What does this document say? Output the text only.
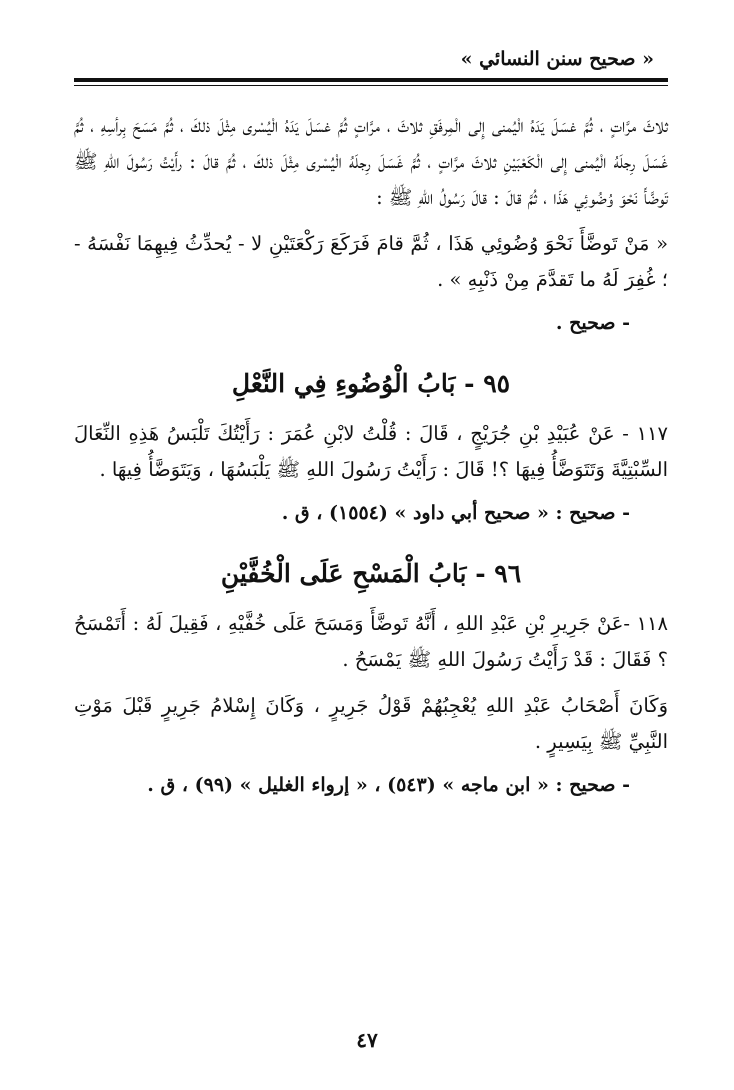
« صحيح سنن النسائي »

ثلاثَ مرَّاتٍ ، ثُمَّ غسَلَ يَدَهُ الْيُمنى إِلى الْمِرفَقِ ثلاثَ ، مرَّاتٍ ثُمَّ غسَلَ يَدَهُ الْيُسْرى مِثْلَ ذلكَ ، ثُمَّ مَسَحَ بِرأسِهِ ، ثُمَّ غَسَلَ رِجلَهُ الْيُمنى إِلى الْكَعْبَيْنِ ثلاثَ مرَّاتٍ ، ثُمَّ غَسَلَ رِجلَهُ الْيُسْرى مِثْلَ ذلكَ ، ثُمَّ قالَ : رأَيْتُ رَسُولَ اللهِ ﷺ تَوضَّأَ نَحْوَ وُضُوئِي هَذَا ، ثُمَّ قالَ : قالَ رَسُولُ اللهِ ﷺ :

« مَنْ تَوضَّأَ نَحْوَ وُضُوئِي هَذَا ، ثُمَّ قامَ فَرَكَعَ رَكْعَتَيْنِ لا - يُحدِّثُ فِيهِمَا نَفْسَهُ - ؛ غُفِرَ لَهُ ما تَقدَّمَ مِنْ ذَنْبِهِ » .

- صحيح .

٩٥ - بَابُ الْوُضُوءِ فِي النَّعْلِ

١١٧ - عَنْ عُبَيْدِ بْنِ جُرَيْجٍ ، قَالَ : قُلْتُ لابْنِ عُمَرَ : رَأَيْتُكَ تَلْبَسُ هَذِهِ النِّعَالَ السِّبْتِيَّةَ وَتَتَوَضَّأُ فِيهَا ؟! قَالَ : رَأَيْتُ رَسُولَ اللهِ ﷺ يَلْبَسُهَا ، وَيَتَوَضَّأُ فِيهَا .

- صحيح : « صحيح أبي داود » (١٥٥٤) ، ق .

٩٦ - بَابُ الْمَسْحِ عَلَى الْخُفَّيْنِ

١١٨ -عَنْ جَرِيرِ بْنِ عَبْدِ اللهِ ، أَنَّهُ تَوضَّأَ وَمَسَحَ عَلَى خُفَّيْهِ ، فَقِيلَ لَهُ : أَتَمْسَحُ ؟ فَقَالَ : قَدْ رَأَيْتُ رَسُولَ اللهِ ﷺ يَمْسَحُ .

وَكَانَ أَصْحَابُ عَبْدِ اللهِ يُعْجِبُهُمْ قَوْلُ جَرِيرٍ ، وَكَانَ إِسْلامُ جَرِيرٍ قَبْلَ مَوْتِ النَّبِيِّ ﷺ بِيَسِيرٍ .

- صحيح : « ابن ماجه » (٥٤٣) ، « إرواء الغليل » (٩٩) ، ق .

٤٧
